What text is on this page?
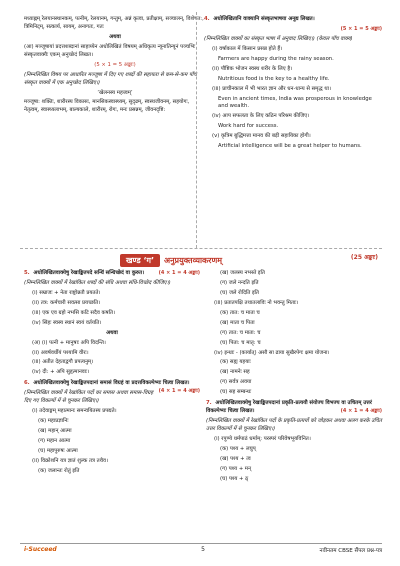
मध्याह्नम् रेलयानस्थानकम्, पत्नीम्, रेलयानम्, गन्तुम्, अन्नं कृत्वा, प्रतीक्षाम्, सञ्चालन्, विशेषत:, त्रिमिनिट्‌म्, सत्कार्य, सायम्, अनागतः, गतः

अथवा

(आ) मञ्जूषायां प्रदत्तशब्दानां साहाय्येन अधोलिखितं विषयम् अधिकृत्य न्यूनातिन्यूनं पञ्चभिः संस्कृतवाक्यैः एकम् अनुच्छेदं लिखत।

(5 × 1 = 5 अङ्काः)

(निम्नलिखित विषय पर आधारित मञ्जूषा में दिए गए शब्दों की सहायता से कम-से-कम पाँच संस्कृत वाक्यों में एक अनुच्छेद लिखिए।)

‘खेलनस्य महत्त्वम्’

मञ्जूषा: शक्तिः, शारीरस्य विकासः, मानसिकस्वास्थ्यम्, सुदृढम्, स्वस्थजीवनम्, सहयोगः, नेतृत्वम्, स्वास्थ्यलाभम्, बाल्यकाले, शारीरम्, रोगः, मनः प्रसन्नम्, जीवनदृष्टि:

4. अधोलिखितानि वाक्यानि संस्कृतभाषया अनूद्य लिखत।

(5 × 1 = 5 अङ्काः)

(निम्नलिखित वाक्यों का संस्कृत भाषा में अनुवाद लिखिए।) (केवल पाँच वाक्य)

(i) वर्षाकाल में किसान प्रसन्न होते हैं।

Farmers are happy during the rainy season.

(ii) पौष्टिक भोजन स्वस्थ शरीर के लिए है।

Nutritious food is the key to a healthy life.

(iii) प्राचीनकाल में भी भारत ज्ञान और धन-धान्य से समृद्ध था।

Even in ancient times, India was prosperous in knowledge and wealth.

(iv) आप सफलता के लिए कठिन परिश्रम कीजिए।

Work hard for success.

(v) कृत्रिम बुद्धिमत्ता मानव की बड़ी सहायिका होगी।

Artificial intelligence will be a great helper to humans.

खण्ड ‘ग’	अनुप्रयुक्तव्याकरणम्	(25 अङ्काः)

5. अधोलिखितवाक्येषु रेखाङ्कितपदे सन्धिं सन्धिच्छेदं वा कुरुत।	(4 × 1 = 4 अङ्काः)

(निम्नलिखित वाक्यों में रेखांकित शब्दों की संधि अथवा संधि-विच्छेद कीजिए।)

(i) सम्राजः + नेता राष्ट्रोन्नतौ प्रयतते।

(ii) तत्र: कर्मचारी सवत्सा प्रयच्छति।

(iii) एक एव ग्रहो नभसि कटि सदैव कषति।

(iv) सिंहः स्वस्य स्थानं स्वयं वर्तयति।

अथवा

(अ) (i) पत्नी + मानुषाः अपि विदन्ति।

(ii) अवर्षवर्धीयं पश्यामि वीरः।

(iii) अतीत देहताद्वगौ प्रपत्यनुम्।

(iv) दी: + अपि सुहृत्मानवाः।

6. अधोलिखितवाक्येषु रेखाङ्कितपदानां समासं विग्रहं वा प्रदत्तविकल्पेभ्यः चित्वा लिखत।
(4 × 1 = 4 अङ्काः)

(निम्नलिखित वाक्यों में रेखांकित पदों का समास अथवा समास-विग्रह दिए गए विकल्पों में से चुनकर लिखिए।)

(i) तदेवाङ्गम् महात्मानः समन्वयितस्य प्रपद्यते।

(क) महाप्रज्ञानिः

(ख) महान् आत्मा

(ग) महान आत्मा

(घ) महापुरुषः आत्मा

(ii) विक्रोशनि यत्र ज्ञातं शुल्क तत्र तथैव।

(क) जलान्तः रोतुं इति

(ख) जलस्य नभस्ते इति

(ग) जले नन्दति इति

(घ) जले रोदिति इति

(iii) प्रतातपक्षि तथातलाविः नो भवन्तु मिताः।

(क) तात: च माता च

(ख) माता च पिता

(ग) तात: च माता: च

(घ) पिता: च मातृ: च

(iv) इन्धाः - (कार्यात्) असौ सा ढाया सुखैरपेगः क्षमा योजना।

(क) सह्य यहयाः

(ख) नामनेः सह

(ग) सर्वत्र अवया

(घ) सह सम्बन्धः

7. अधोलिखितवाक्येषु रेखाङ्कितपदानां प्रकृति-प्रत्ययौ संयोज्य विभज्य वा उचितम् उत्तरं विकल्पेभ्यः चित्वा लिखत।	(4 × 1 = 4 अङ्काः)

(निम्नलिखित वाक्यों में रेखांकित पदों के प्रकृति-प्रत्ययों को जोड़कर अथवा अलग करके उचित उत्तर विकल्पों में से चुनकर लिखिए।)

(i) रपुण्ये धर्मपाठं धर्माम्: परस्परं परिवेषभूयविनित।

(क) पश्य + लघुप्

(ख) पश्य + त्व

(ग) पश्य + मन्

(घ) पश्य + ठ्

i-Succeed	5	नवीनतम CBSE सैंपल प्रश्न-पत्र
